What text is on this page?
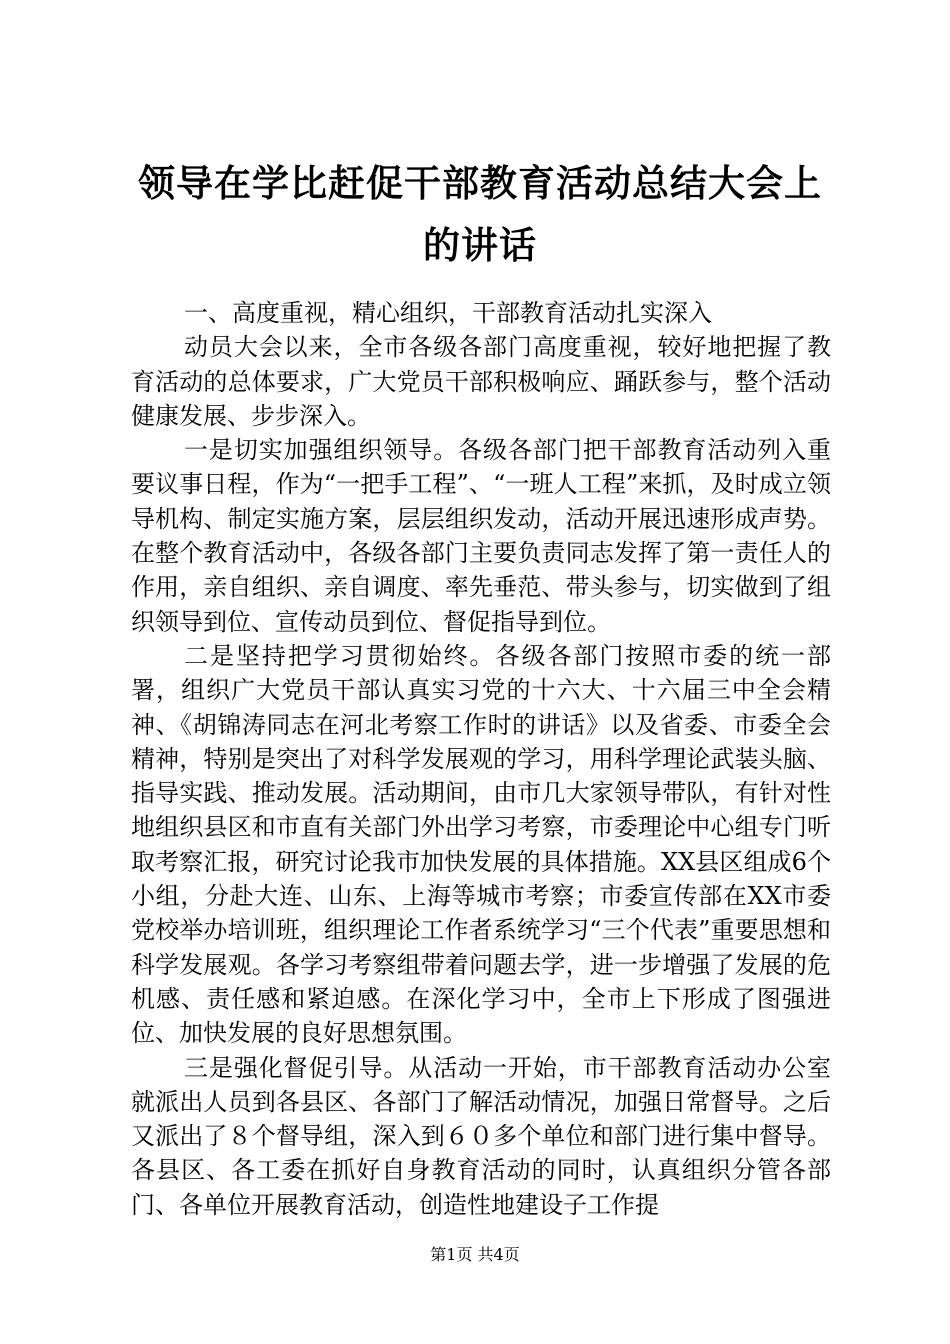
领导在学比赶促干部教育活动总结大会上的讲话

一、高度重视，精心组织，干部教育活动扎实深入

动员大会以来，全市各级各部门高度重视，较好地把握了教育活动的总体要求，广大党员干部积极响应、踊跃参与，整个活动健康发展、步步深入。

一是切实加强组织领导。各级各部门把干部教育活动列入重要议事日程，作为“一把手工程”、“一班人工程”来抓，及时成立领导机构、制定实施方案，层层组织发动，活动开展迅速形成声势。在整个教育活动中，各级各部门主要负责同志发挥了第一责任人的作用，亲自组织、亲自调度、率先垂范、带头参与，切实做到了组织领导到位、宣传动员到位、督促指导到位。

二是坚持把学习贯彻始终。各级各部门按照市委的统一部署，组织广大党员干部认真实习党的十六大、十六届三中全会精神、《胡锦涛同志在河北考察工作时的讲话》以及省委、市委全会精神，特别是突出了对科学发展观的学习，用科学理论武装头脑、指导实践、推动发展。活动期间，由市几大家领导带队，有针对性地组织县区和市直有关部门外出学习考察，市委理论中心组专门听取考察汇报，研究讨论我市加快发展的具体措施。XX县区组成6个小组，分赴大连、山东、上海等城市考察；市委宣传部在XX市委党校举办培训班，组织理论工作者系统学习“三个代表”重要思想和科学发展观。各学习考察组带着问题去学，进一步增强了发展的危机感、责任感和紧迫感。在深化学习中，全市上下形成了图强进位、加快发展的良好思想氛围。

三是强化督促引导。从活动一开始，市干部教育活动办公室就派出人员到各县区、各部门了解活动情况，加强日常督导。之后又派出了８个督导组，深入到６０多个单位和部门进行集中督导。各县区、各工委在抓好自身教育活动的同时，认真组织分管各部门、各单位开展教育活动，创造性地建设子工作提

第1页 共4页
